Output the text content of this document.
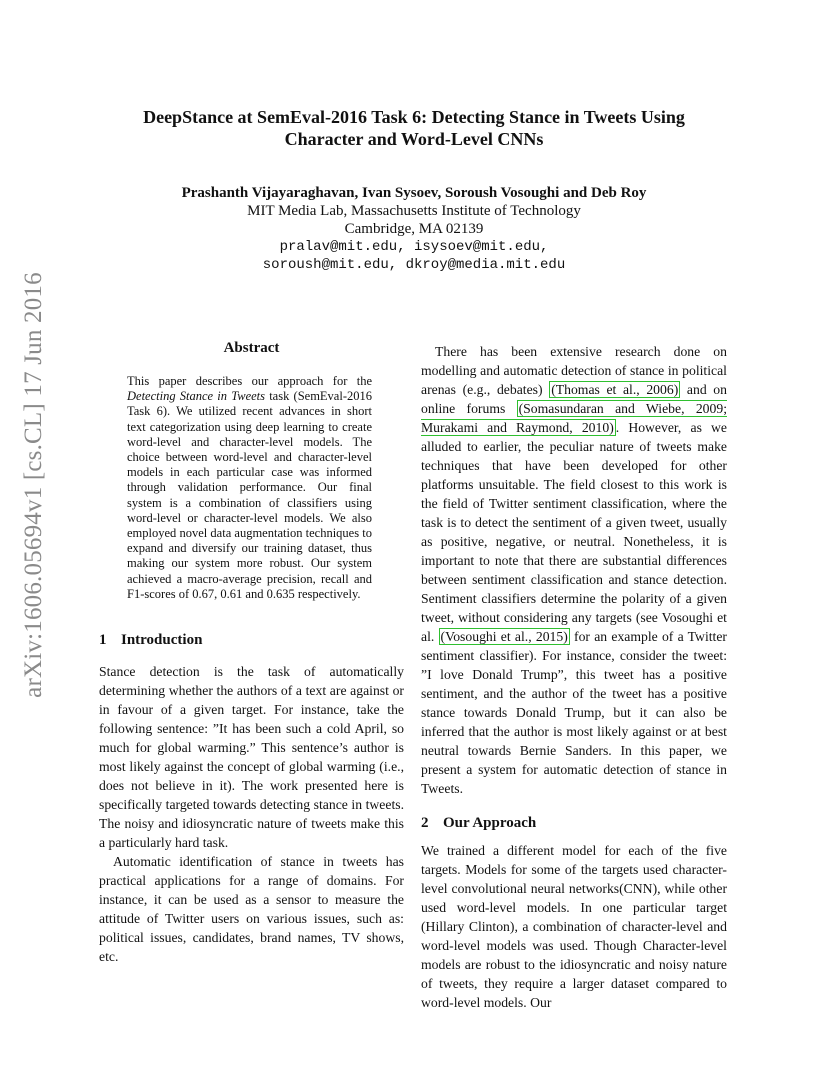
arXiv:1606.05694v1 [cs.CL] 17 Jun 2016
DeepStance at SemEval-2016 Task 6: Detecting Stance in Tweets Using
Character and Word-Level CNNs
Prashanth Vijayaraghavan, Ivan Sysoev, Soroush Vosoughi and Deb Roy
MIT Media Lab, Massachusetts Institute of Technology
Cambridge, MA 02139
pralav@mit.edu, isysoev@mit.edu,
soroush@mit.edu, dkroy@media.mit.edu
Abstract

This paper describes our approach for the Detecting Stance in Tweets task (SemEval-2016 Task 6). We utilized recent advances in short text categorization using deep learning to create word-level and character-level models. The choice between word-level and character-level models in each particular case was informed through validation performance. Our final system is a combination of classifiers using word-level or character-level models. We also employed novel data augmentation techniques to expand and diversify our training dataset, thus making our system more robust. Our system achieved a macro-average precision, recall and F1-scores of 0.67, 0.61 and 0.635 respectively.

1 Introduction

Stance detection is the task of automatically determining whether the authors of a text are against or in favour of a given target. For instance, take the following sentence: ”It has been such a cold April, so much for global warming.” This sentence’s author is most likely against the concept of global warming (i.e., does not believe in it). The work presented here is specifically targeted towards detecting stance in tweets. The noisy and idiosyncratic nature of tweets make this a particularly hard task.

Automatic identification of stance in tweets has practical applications for a range of domains. For instance, it can be used as a sensor to measure the attitude of Twitter users on various issues, such as: political issues, candidates, brand names, TV shows, etc.

There has been extensive research done on modelling and automatic detection of stance in political arenas (e.g., debates) (Thomas et al., 2006) and on online forums (Somasundaran and Wiebe, 2009; Murakami and Raymond, 2010) . However, as we alluded to earlier, the peculiar nature of tweets make techniques that have been developed for other platforms unsuitable. The field closest to this work is the field of Twitter sentiment classification, where the task is to detect the sentiment of a given tweet, usually as positive, negative, or neutral. Nonetheless, it is important to note that there are substantial differences between sentiment classification and stance detection. Sentiment classifiers determine the polarity of a given tweet, without considering any targets (see Vosoughi et al. (Vosoughi et al., 2015) for an example of a Twitter sentiment classifier). For instance, consider the tweet: ”I love Donald Trump”, this tweet has a positive sentiment, and the author of the tweet has a positive stance towards Donald Trump, but it can also be inferred that the author is most likely against or at best neutral towards Bernie Sanders. In this paper, we present a system for automatic detection of stance in Tweets.

2 Our Approach

We trained a different model for each of the five targets. Models for some of the targets used character-level convolutional neural networks(CNN), while other used word-level models. In one particular target (Hillary Clinton), a combination of character-level and word-level models was used. Though Character-level models are robust to the idiosyncratic and noisy nature of tweets, they require a larger dataset compared to word-level models. Our
